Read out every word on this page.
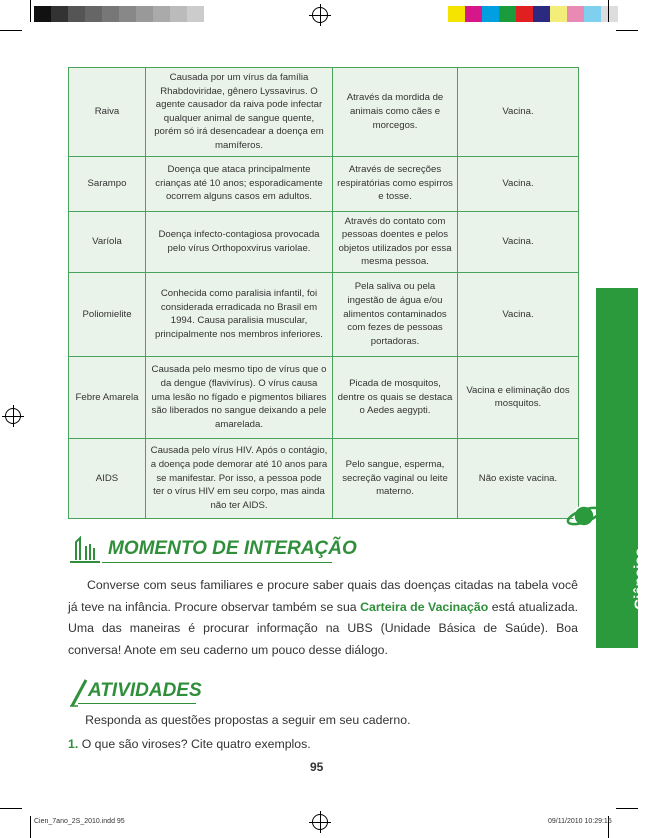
Raiva	Causada por um vírus da família Rhabdoviridae, gênero Lyssavirus. O agente causador da raiva pode infectar qualquer animal de sangue quente, porém só irá desencadear a doença em mamíferos.	Através da mordida de animais como cães e morcegos.	Vacina.
Sarampo	Doença que ataca principalmente crianças até 10 anos; esporadicamente ocorrem alguns casos em adultos.	Através de secreções respiratórias como espirros e tosse.	Vacina.
Varíola	Doença infecto-contagiosa provocada pelo vírus Orthopoxvirus variolae.	Através do contato com pessoas doentes e pelos objetos utilizados por essa mesma pessoa.	Vacina.
Poliomielite	Conhecida como paralisia infantil, foi considerada erradicada no Brasil em 1994. Causa paralisia muscular, principalmente nos membros inferiores.	Pela saliva ou pela ingestão de água e/ou alimentos contaminados com fezes de pessoas portadoras.	Vacina.
Febre Amarela	Causada pelo mesmo tipo de vírus que o da dengue (flavivírus). O vírus causa uma lesão no fígado e pigmentos biliares são liberados no sangue deixando a pele amarelada.	Picada de mosquitos, dentre os quais se destaca o Aedes aegypti.	Vacina e eliminação dos mosquitos.
AIDS	Causada pelo vírus HIV. Após o contágio, a doença pode demorar até 10 anos para se manifestar. Por isso, a pessoa pode ter o vírus HIV em seu corpo, mas ainda não ter AIDS.	Pelo sangue, esperma, secreção vaginal ou leite materno.	Não existe vacina.
MOMENTO DE INTERAÇÃO
Converse com seus familiares e procure saber quais das doenças citadas na tabela você já teve na infância. Procure observar também se sua Carteira de Vacinação está atualizada. Uma das maneiras é procurar informação na UBS (Unidade Básica de Saúde). Boa conversa! Anote em seu caderno um pouco desse diálogo.
ATIVIDADES
Responda as questões propostas a seguir em seu caderno.
1. O que são viroses? Cite quatro exemplos.
95
Ciências
Cien_7ano_2S_2010.indd 95	09/11/2010 10:29:15
